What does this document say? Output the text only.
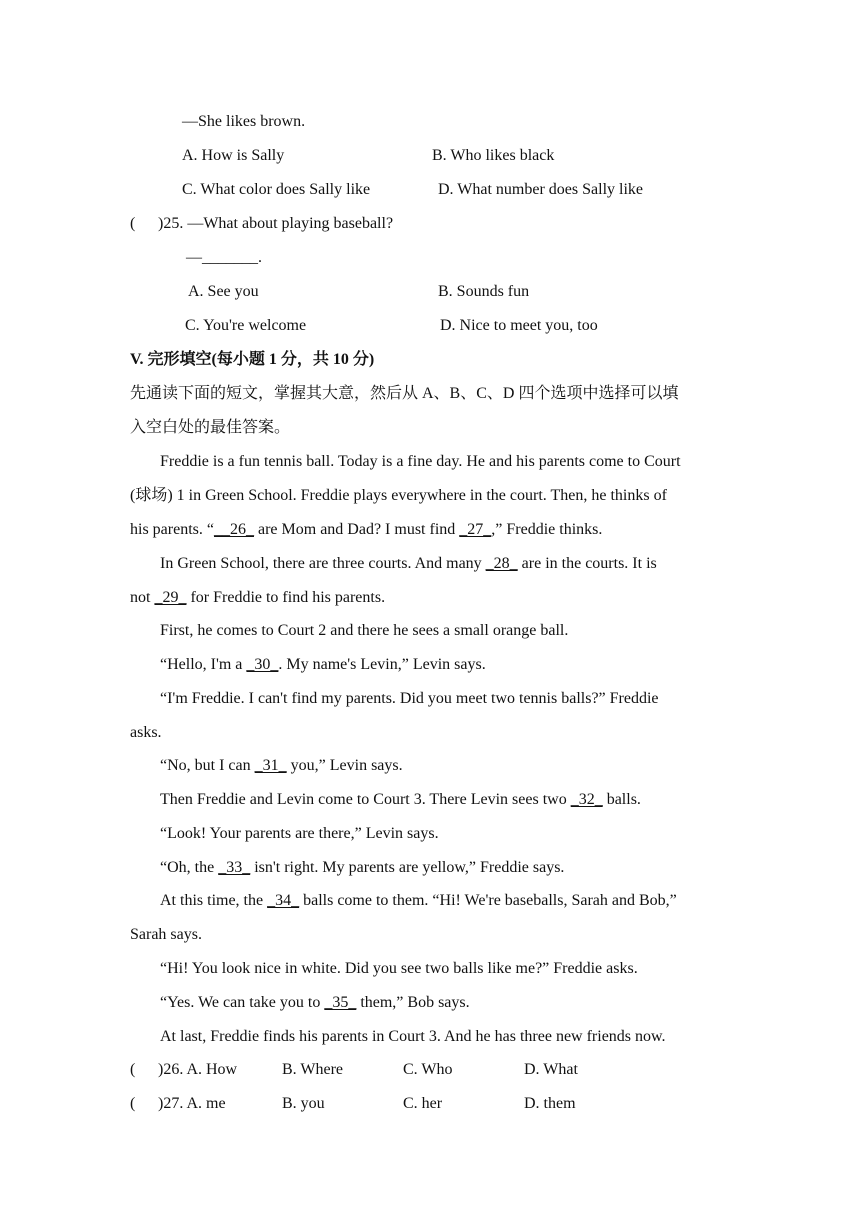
—She likes brown.
A. How is Sally	B. Who likes black
C. What color does Sally like	D. What number does Sally like
( )25. —What about playing baseball?
—_______.
A. See you	B. Sounds fun
C. You're welcome	D. Nice to meet you, too
V. 完形填空(每小题 1 分，共 10 分)
先通读下面的短文，掌握其大意，然后从 A、B、C、D 四个选项中选择可以填
入空白处的最佳答案。
Freddie is a fun tennis ball. Today is a fine day. He and his parents come to Court
(球场) 1 in Green School. Freddie plays everywhere in the court. Then, he thinks of
his parents. “__26_ are Mom and Dad? I must find _27_,” Freddie thinks.
In Green School, there are three courts. And many _28_ are in the courts. It is
not _29_ for Freddie to find his parents.
First, he comes to Court 2 and there he sees a small orange ball.
“Hello, I'm a _30_. My name's Levin,” Levin says.
“I'm Freddie. I can't find my parents. Did you meet two tennis balls?” Freddie
asks.
“No, but I can _31_ you,” Levin says.
Then Freddie and Levin come to Court 3. There Levin sees two _32_ balls.
“Look! Your parents are there,” Levin says.
“Oh, the _33_ isn't right. My parents are yellow,” Freddie says.
At this time, the _34_ balls come to them. “Hi! We're baseballs, Sarah and Bob,”
Sarah says.
“Hi! You look nice in white. Did you see two balls like me?” Freddie asks.
“Yes. We can take you to _35_ them,” Bob says.
At last, Freddie finds his parents in Court 3. And he has three new friends now.
( )26. A. How	B. Where	C. Who	D. What
( )27. A. me	B. you	C. her	D. them
